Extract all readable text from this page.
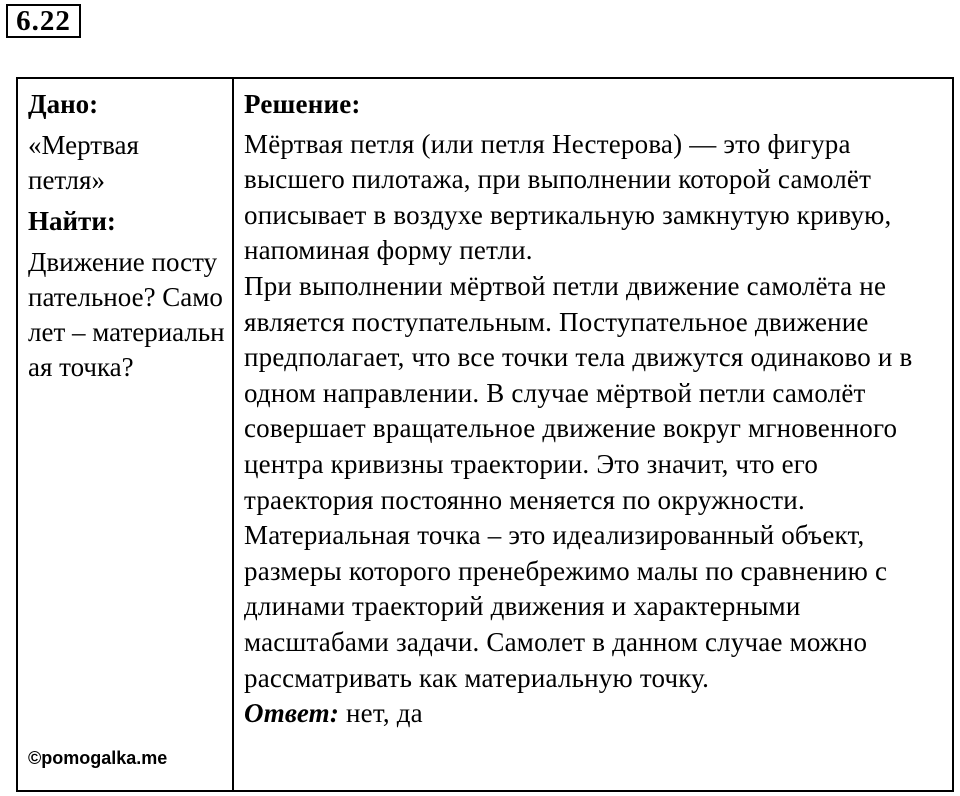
6.22
Дано:
«Мертвая петля»
Найти:
Движение поступательное? Самолет – материальная точка?
©pomogalka.me
Решение:
Мёртвая петля (или петля Нестерова) — это фигура высшего пилотажа, при выполнении которой самолёт описывает в воздухе вертикальную замкнутую кривую, напоминая форму петли.
При выполнении мёртвой петли движение самолёта не является поступательным. Поступательное движение предполагает, что все точки тела движутся одинаково и в одном направлении. В случае мёртвой петли самолёт совершает вращательное движение вокруг мгновенного центра кривизны траектории. Это значит, что его траектория постоянно меняется по окружности.
Материальная точка – это идеализированный объект, размеры которого пренебрежимо малы по сравнению с длинами траекторий движения и характерными масштабами задачи. Самолет в данном случае можно рассматривать как материальную точку.
Ответ: нет, да
